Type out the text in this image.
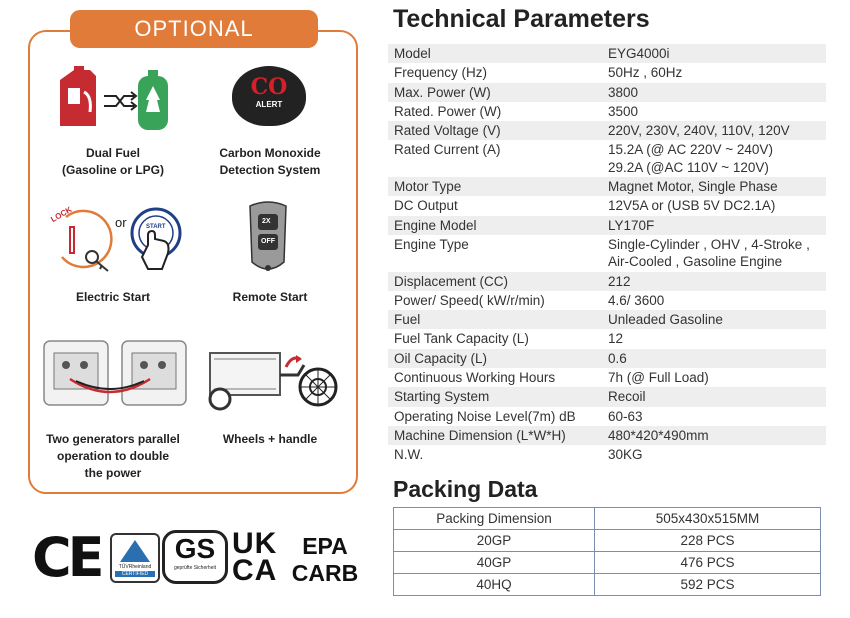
OPTIONAL
Dual Fuel
(Gasoline or LPG)
CO
ALERT
Carbon Monoxide
Detection System
LOCK	or	START
Electric Start
2X
OFF
Remote Start
Two generators parallel
operation to double
the power
Wheels + handle
CE	TÜVRheinland
CERTIFIED
GS
geprüfte Sicherheit
UK
CA
EPA
CARB
Technical Parameters
Model	EYG4000i

Frequency (Hz)	50Hz , 60Hz

Max. Power (W)	3800

Rated. Power (W)	3500

Rated Voltage (V)	220V, 230V, 240V, 110V, 120V

Rated Current (A)	15.2A (@ AC 220V ~ 240V)
29.2A (@AC 110V ~ 120V)

Motor Type	Magnet Motor, Single Phase

DC Output	12V5A or (USB 5V DC2.1A)

Engine Model	LY170F

Engine Type	Single-Cylinder , OHV , 4-Stroke ,
Air-Cooled , Gasoline Engine

Displacement (CC)	212

Power/ Speed( kW/r/min)	4.6/ 3600

Fuel	Unleaded Gasoline

Fuel Tank Capacity (L)	12

Oil Capacity (L)	0.6

Continuous Working Hours	7h (@ Full Load)

Starting System	Recoil

Operating Noise Level(7m) dB	60-63

Machine Dimension (L*W*H)	480*420*490mm

N.W.	30KG
Packing Data
Packing Dimension	505x430x515MM
20GP	228 PCS
40GP	476 PCS
40HQ	592 PCS
